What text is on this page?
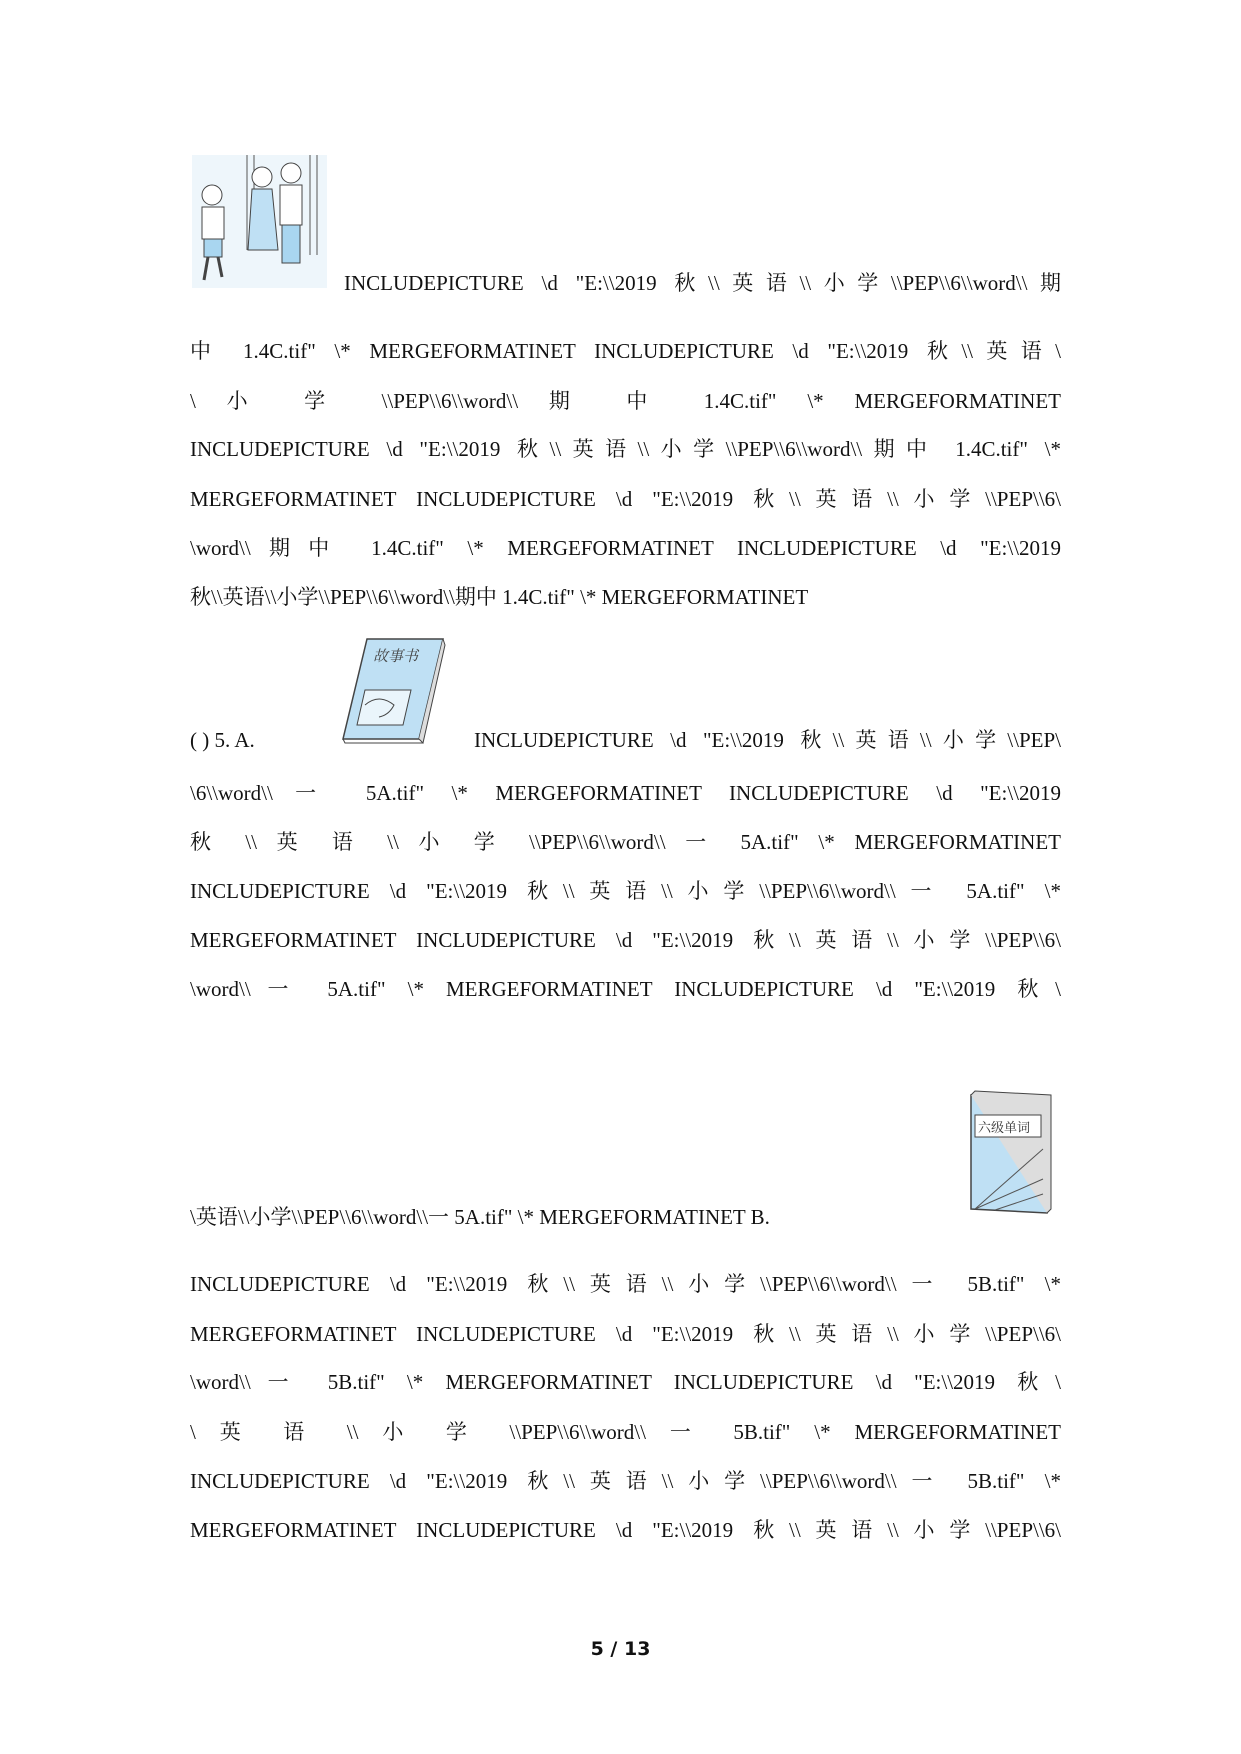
INCLUDEPICTURE \d "E:\\2019 秋\\英语\\小学\\PEP\\6\\word\\期
中 1.4C.tif" \* MERGEFORMATINET INCLUDEPICTURE \d "E:\\2019 秋\\英语\
\ 小 学 \\PEP\\6\\word\\ 期 中 1.4C.tif" \* MERGEFORMATINET
INCLUDEPICTURE \d "E:\\2019 秋\\英语\\小学\\PEP\\6\\word\\期中 1.4C.tif" \*
MERGEFORMATINET INCLUDEPICTURE \d "E:\\2019 秋\\英语\\小学\\PEP\\6\
\word\\期中 1.4C.tif" \* MERGEFORMATINET INCLUDEPICTURE \d "E:\\2019
秋\\英语\\小学\\PEP\\6\\word\\期中 1.4C.tif" \* MERGEFORMATINET
( ) 5. A.
故事书
INCLUDEPICTURE \d "E:\\2019 秋\\英语\\小学\\PEP\
\6\\word\\一 5A.tif" \* MERGEFORMATINET INCLUDEPICTURE \d "E:\\2019
秋 \\ 英 语 \\ 小 学 \\PEP\\6\\word\\ 一 5A.tif" \* MERGEFORMATINET
INCLUDEPICTURE \d "E:\\2019 秋\\英语\\小学\\PEP\\6\\word\\一 5A.tif" \*
MERGEFORMATINET INCLUDEPICTURE \d "E:\\2019 秋\\英语\\小学\\PEP\\6\
\word\\一 5A.tif" \* MERGEFORMATINET INCLUDEPICTURE \d "E:\\2019 秋\
\英语\\小学\\PEP\\6\\word\\一 5A.tif" \* MERGEFORMATINET B.
六级单词
INCLUDEPICTURE \d "E:\\2019 秋\\英语\\小学\\PEP\\6\\word\\一 5B.tif" \*
MERGEFORMATINET INCLUDEPICTURE \d "E:\\2019 秋\\英语\\小学\\PEP\\6\
\word\\一 5B.tif" \* MERGEFORMATINET INCLUDEPICTURE \d "E:\\2019 秋\
\ 英 语 \\ 小 学 \\PEP\\6\\word\\ 一 5B.tif" \* MERGEFORMATINET
INCLUDEPICTURE \d "E:\\2019 秋\\英语\\小学\\PEP\\6\\word\\一 5B.tif" \*
MERGEFORMATINET INCLUDEPICTURE \d "E:\\2019 秋\\英语\\小学\\PEP\\6\
5 / 13
